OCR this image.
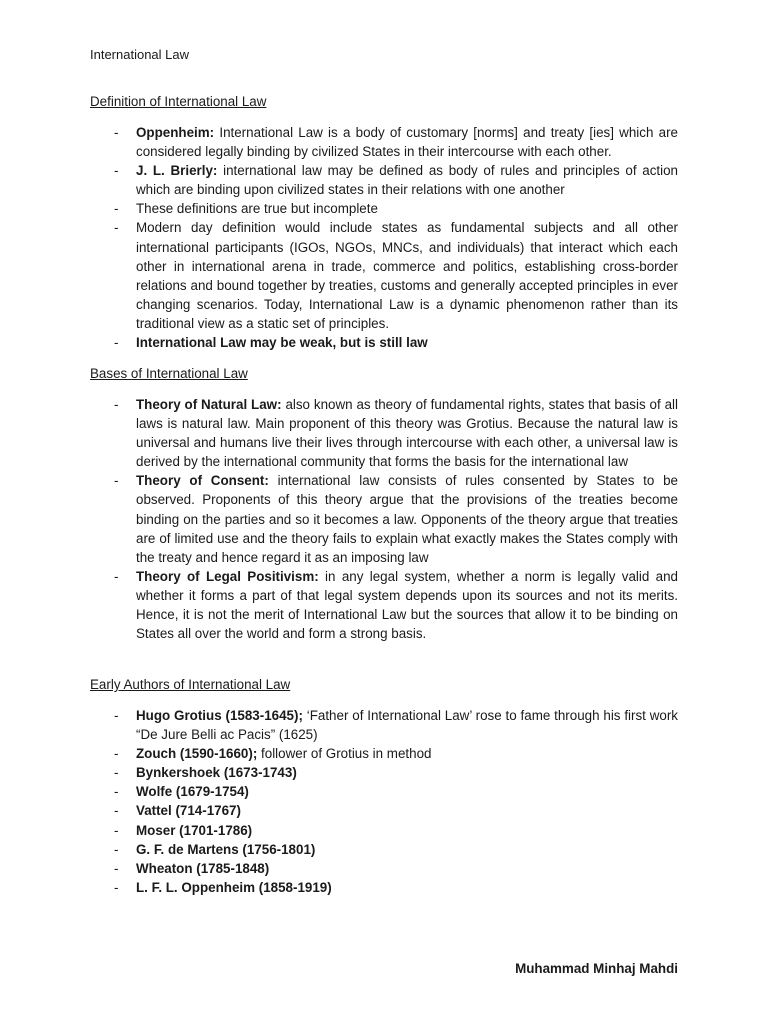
International Law
Definition of International Law
- Oppenheim: International Law is a body of customary [norms] and treaty [ies] which are considered legally binding by civilized States in their intercourse with each other.
- J. L. Brierly: international law may be defined as body of rules and principles of action which are binding upon civilized states in their relations with one another
- These definitions are true but incomplete
- Modern day definition would include states as fundamental subjects and all other international participants (IGOs, NGOs, MNCs, and individuals) that interact which each other in international arena in trade, commerce and politics, establishing cross-border relations and bound together by treaties, customs and generally accepted principles in ever changing scenarios. Today, International Law is a dynamic phenomenon rather than its traditional view as a static set of principles.
- International Law may be weak, but is still law
Bases of International Law
- Theory of Natural Law: also known as theory of fundamental rights, states that basis of all laws is natural law. Main proponent of this theory was Grotius. Because the natural law is universal and humans live their lives through intercourse with each other, a universal law is derived by the international community that forms the basis for the international law
- Theory of Consent: international law consists of rules consented by States to be observed. Proponents of this theory argue that the provisions of the treaties become binding on the parties and so it becomes a law. Opponents of the theory argue that treaties are of limited use and the theory fails to explain what exactly makes the States comply with the treaty and hence regard it as an imposing law
- Theory of Legal Positivism: in any legal system, whether a norm is legally valid and whether it forms a part of that legal system depends upon its sources and not its merits. Hence, it is not the merit of International Law but the sources that allow it to be binding on States all over the world and form a strong basis.
Early Authors of International Law
- Hugo Grotius (1583-1645); ‘Father of International Law’ rose to fame through his first work “De Jure Belli ac Pacis” (1625)
- Zouch (1590-1660); follower of Grotius in method
- Bynkershoek (1673-1743)
- Wolfe (1679-1754)
- Vattel (714-1767)
- Moser (1701-1786)
- G. F. de Martens (1756-1801)
- Wheaton (1785-1848)
- L. F. L. Oppenheim (1858-1919)
Muhammad Minhaj Mahdi
